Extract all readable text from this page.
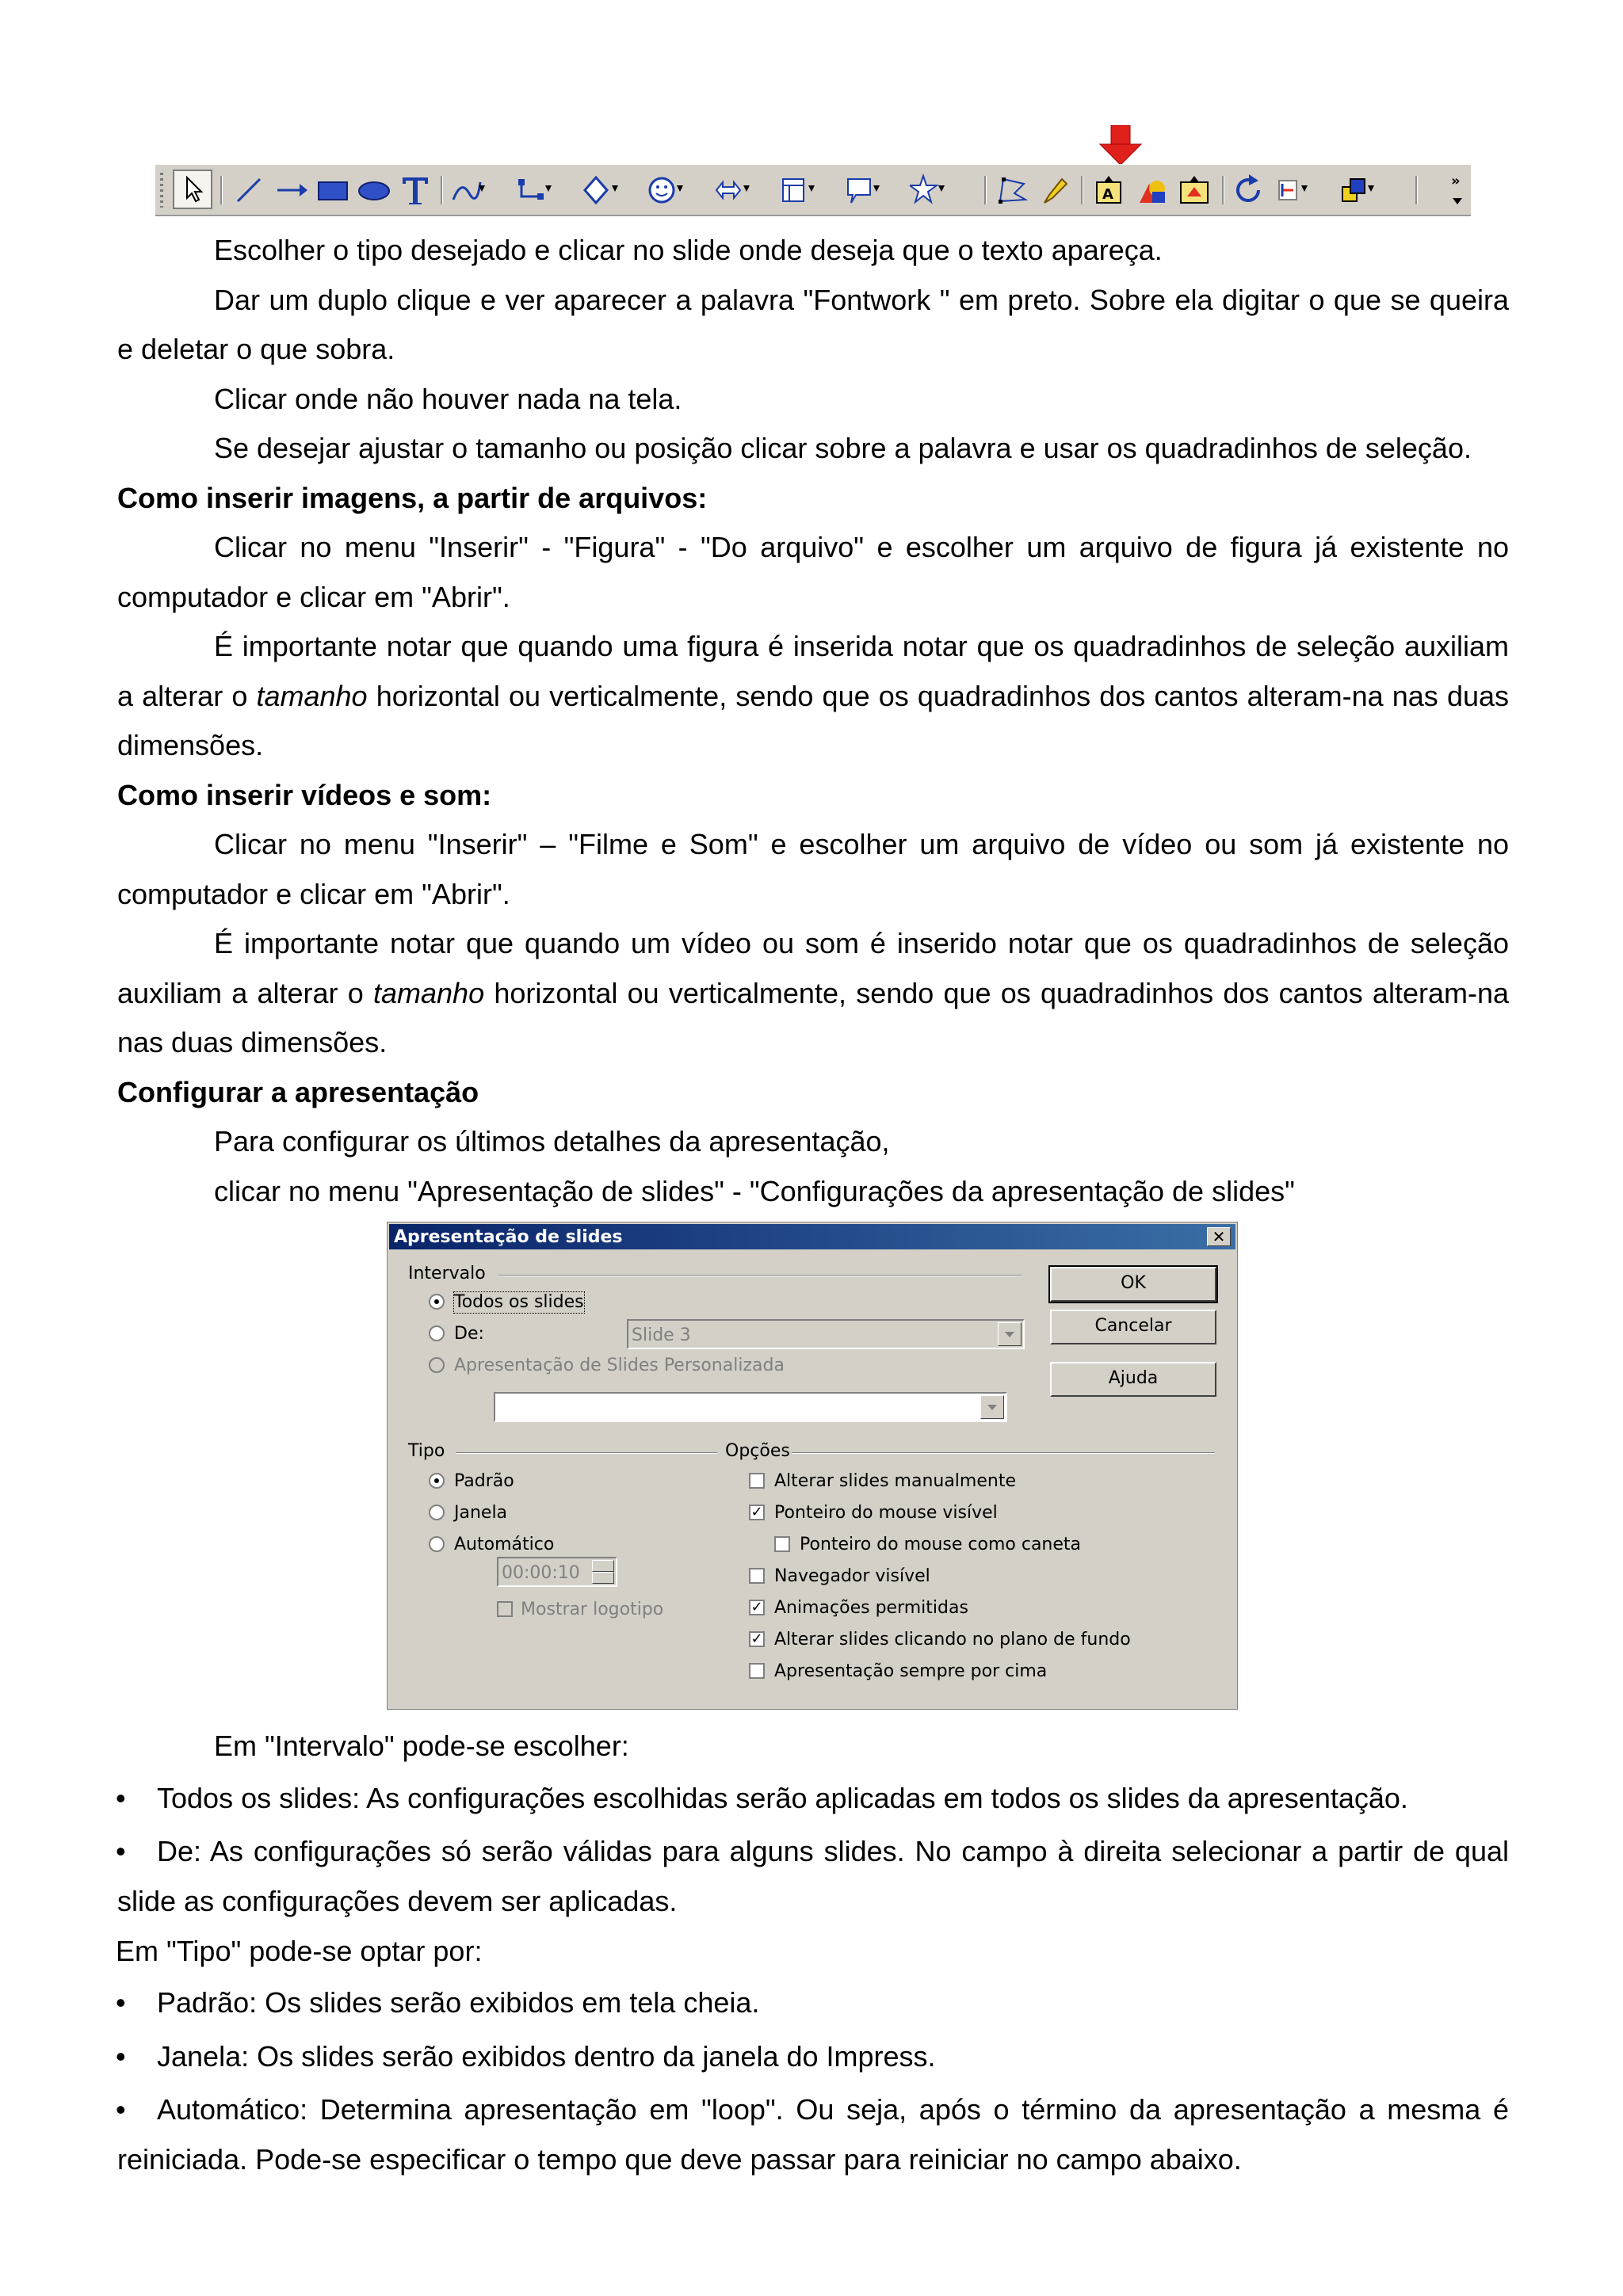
A
»
Escolher o tipo desejado e clicar no slide onde deseja que o texto apareça.
Dar um duplo clique e ver aparecer a palavra "Fontwork " em preto. Sobre ela digitar o que se queira
e deletar o que sobra.
Clicar onde não houver nada na tela.
Se desejar ajustar o tamanho ou posição clicar sobre a palavra e usar os quadradinhos de seleção.
Como inserir imagens, a partir de arquivos:
Clicar no menu "Inserir" - "Figura" - "Do arquivo" e escolher um arquivo de figura já existente no
computador e clicar em "Abrir".
É importante notar que quando uma figura é inserida notar que os quadradinhos de seleção auxiliam
a alterar o tamanho horizontal ou verticalmente, sendo que os quadradinhos dos cantos alteram-na nas duas
dimensões.
Como inserir vídeos e som:
Clicar no menu "Inserir" – "Filme e Som" e escolher um arquivo de vídeo ou som já existente no
computador e clicar em "Abrir".
É importante notar que quando um vídeo ou som é inserido notar que os quadradinhos de seleção
auxiliam a alterar o tamanho horizontal ou verticalmente, sendo que os quadradinhos dos cantos alteram-na
nas duas dimensões.
Configurar a apresentação
Para configurar os últimos detalhes da apresentação,
clicar no menu "Apresentação de slides" - "Configurações da apresentação de slides"
Apresentação de slides	✕
Intervalo
Todos os slides
De:	Slide 3
Apresentação de Slides Personalizada
OK
Cancelar
Ajuda
Tipo
Padrão
Janela
Automático
00:00:10
Mostrar logotipo
Opções
Alterar slides manualmente
✓ Ponteiro do mouse visível
Ponteiro do mouse como caneta
Navegador visível
✓ Animações permitidas
✓ Alterar slides clicando no plano de fundo
Apresentação sempre por cima
Em "Intervalo" pode-se escolher:
• Todos os slides: As configurações escolhidas serão aplicadas em todos os slides da apresentação.
• De: As configurações só serão válidas para alguns slides. No campo à direita selecionar a partir de qual
slide as configurações devem ser aplicadas.
Em "Tipo" pode-se optar por:
• Padrão: Os slides serão exibidos em tela cheia.
• Janela: Os slides serão exibidos dentro da janela do Impress.
• Automático: Determina apresentação em "loop". Ou seja, após o término da apresentação a mesma é
reiniciada. Pode-se especificar o tempo que deve passar para reiniciar no campo abaixo.
